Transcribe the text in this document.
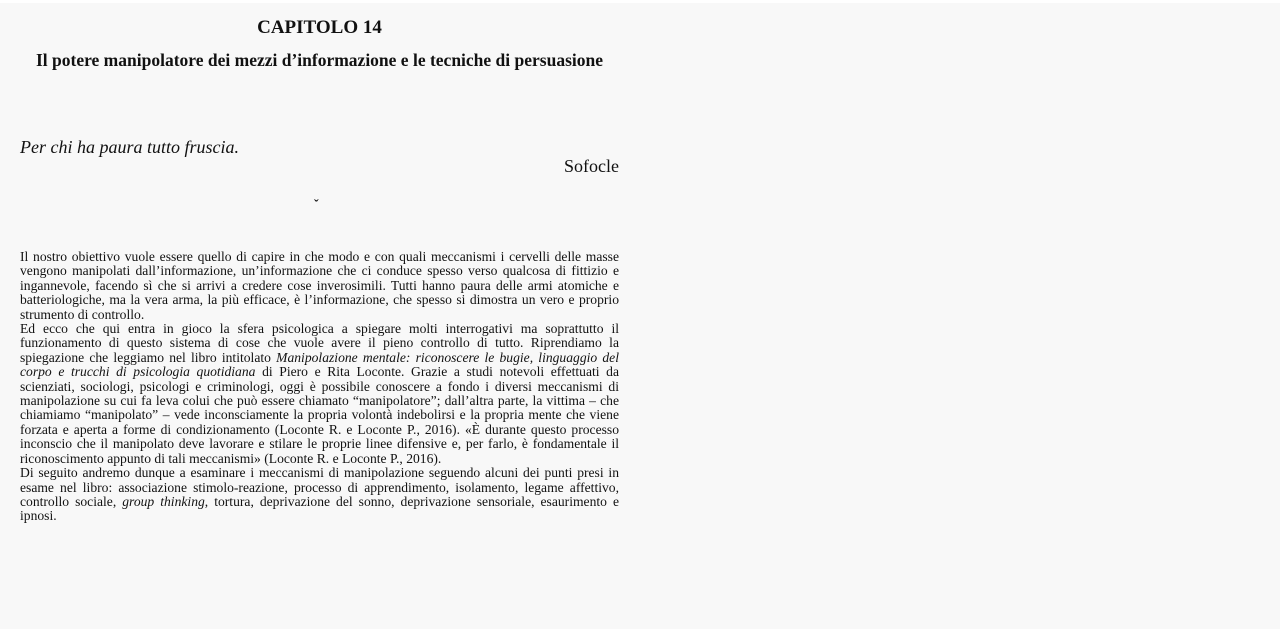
CAPITOLO 14
Il potere manipolatore dei mezzi d’informazione e le tecniche di persuasione
Per chi ha paura tutto fruscia.
Sofocle
ˇ

Il nostro obiettivo vuole essere quello di capire in che modo e con quali meccanismi i cervelli delle masse vengono manipolati dall’informazione, un’informazione che ci conduce spesso verso qualcosa di fittizio e ingannevole, facendo sì che si arrivi a credere cose inverosimili. Tutti hanno paura delle armi atomiche e batteriologiche, ma la vera arma, la più efficace, è l’informazione, che spesso si dimostra un vero e proprio strumento di controllo.

Ed ecco che qui entra in gioco la sfera psicologica a spiegare molti interrogativi ma soprattutto il funzionamento di questo sistema di cose che vuole avere il pieno controllo di tutto. Riprendiamo la spiegazione che leggiamo nel libro intitolato Manipolazione mentale: riconoscere le bugie, linguaggio del corpo e trucchi di psicologia quotidiana di Piero e Rita Loconte. Grazie a studi notevoli effettuati da scienziati, sociologi, psicologi e criminologi, oggi è possibile conoscere a fondo i diversi meccanismi di manipolazione su cui fa leva colui che può essere chiamato “manipolatore”; dall’altra parte, la vittima – che chiamiamo “manipolato” – vede inconsciamente la propria volontà indebolirsi e la propria mente che viene forzata e aperta a forme di condizionamento (Loconte R. e Loconte P., 2016). «È durante questo processo inconscio che il manipolato deve lavorare e stilare le proprie linee difensive e, per farlo, è fondamentale il riconoscimento appunto di tali meccanismi» (Loconte R. e Loconte P., 2016).

Di seguito andremo dunque a esaminare i meccanismi di manipolazione seguendo alcuni dei punti presi in esame nel libro: associazione stimolo-reazione, processo di apprendimento, isolamento, legame affettivo, controllo sociale, group thinking, tortura, deprivazione del sonno, deprivazione sensoriale, esaurimento e ipnosi.
